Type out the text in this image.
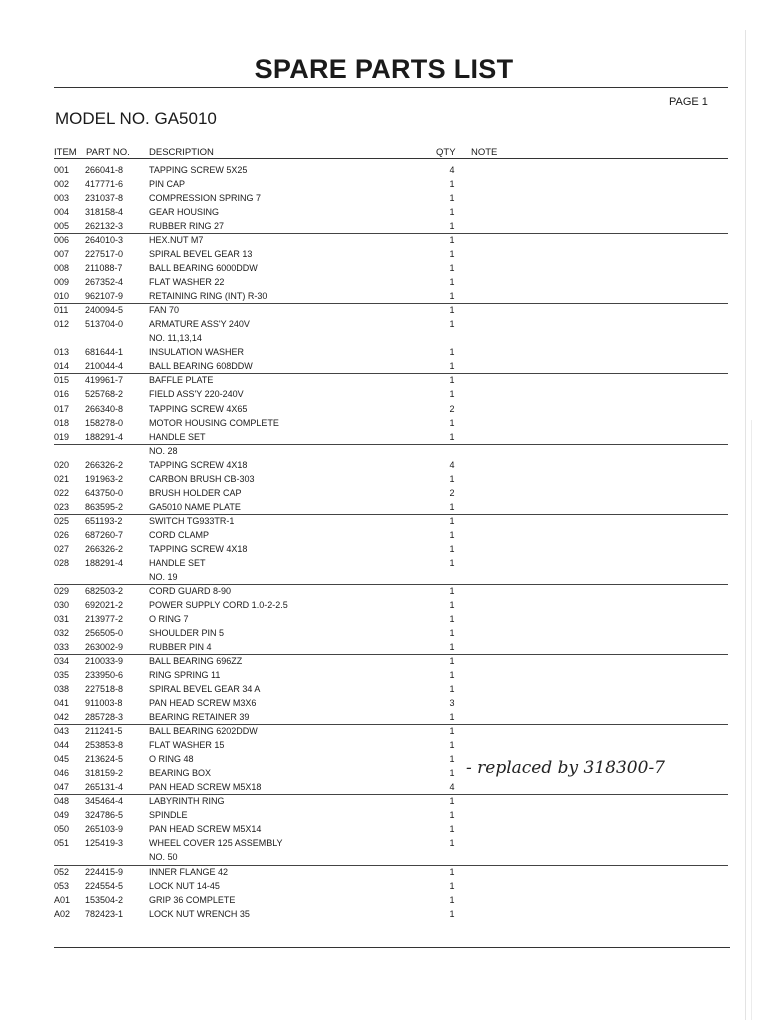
SPARE PARTS LIST
PAGE 1
MODEL NO. GA5010
ITEM PART NO. DESCRIPTION	QTY NOTE
001 266041-8	TAPPING SCREW 5X25	4
002 417771-6	PIN CAP	1
003 231037-8	COMPRESSION SPRING 7	1
004 318158-4	GEAR HOUSING	1
005 262132-3	RUBBER RING 27	1
006 264010-3	HEX.NUT M7	1
007 227517-0	SPIRAL BEVEL GEAR 13	1
008 211088-7	BALL BEARING 6000DDW	1
009 267352-4	FLAT WASHER 22	1
010 962107-9	RETAINING RING (INT) R-30	1
011 240094-5	FAN 70	1
012 513704-0	ARMATURE ASS'Y 240V	1
NO. 11,13,14
013 681644-1	INSULATION WASHER	1
014 210044-4	BALL BEARING 608DDW	1
015 419961-7	BAFFLE PLATE	1
016 525768-2	FIELD ASS'Y 220-240V	1
017 266340-8	TAPPING SCREW 4X65	2
018 158278-0	MOTOR HOUSING COMPLETE	1
019 188291-4	HANDLE SET	1
NO. 28
020 266326-2	TAPPING SCREW 4X18	4
021 191963-2	CARBON BRUSH CB-303	1
022 643750-0	BRUSH HOLDER CAP	2
023 863595-2	GA5010 NAME PLATE	1
025 651193-2	SWITCH TG933TR-1	1
026 687260-7	CORD CLAMP	1
027 266326-2	TAPPING SCREW 4X18	1
028 188291-4	HANDLE SET	1
NO. 19
029 682503-2	CORD GUARD 8-90	1
030 692021-2	POWER SUPPLY CORD 1.0-2-2.5	1
031 213977-2	O RING 7	1
032 256505-0	SHOULDER PIN 5	1
033 263002-9	RUBBER PIN 4	1
034 210033-9	BALL BEARING 696ZZ	1
035 233950-6	RING SPRING 11	1
038 227518-8	SPIRAL BEVEL GEAR 34 A	1
041 911003-8	PAN HEAD SCREW M3X6	3
042 285728-3	BEARING RETAINER 39	1
043 211241-5	BALL BEARING 6202DDW	1
044 253853-8	FLAT WASHER 15	1
045 213624-5	O RING 48	1
046 318159-2	BEARING BOX	1 - replaced by 318300-7
047 265131-4	PAN HEAD SCREW M5X18	4
048 345464-4	LABYRINTH RING	1
049 324786-5	SPINDLE	1
050 265103-9	PAN HEAD SCREW M5X14	1
051 125419-3	WHEEL COVER 125 ASSEMBLY	1
NO. 50
052 224415-9	INNER FLANGE 42	1
053 224554-5	LOCK NUT 14-45	1
A01 153504-2	GRIP 36 COMPLETE	1
A02 782423-1	LOCK NUT WRENCH 35	1
